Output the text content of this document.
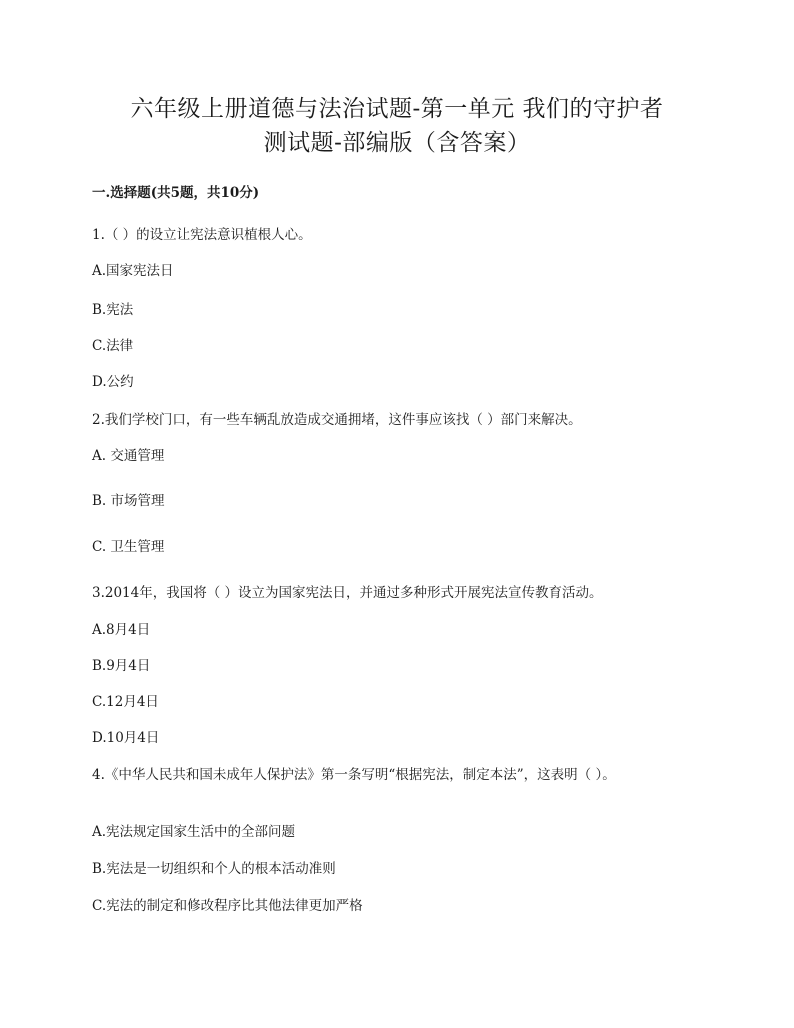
六年级上册道德与法治试题-第一单元 我们的守护者
测试题-部编版（含答案）

一.选择题(共5题，共10分)

1.（ ）的设立让宪法意识植根人心。

A.国家宪法日

B.宪法

C.法律

D.公约

2.我们学校门口，有一些车辆乱放造成交通拥堵，这件事应该找（ ）部门来解决。

A. 交通管理

B. 市场管理

C. 卫生管理

3.2014年，我国将（ ）设立为国家宪法日，并通过多种形式开展宪法宣传教育活动。

A.8月4日

B.9月4日

C.12月4日

D.10月4日

4.《中华人民共和国未成年人保护法》第一条写明“根据宪法，制定本法”，这表明（ ）。

A.宪法规定国家生活中的全部问题

B.宪法是一切组织和个人的根本活动准则

C.宪法的制定和修改程序比其他法律更加严格
